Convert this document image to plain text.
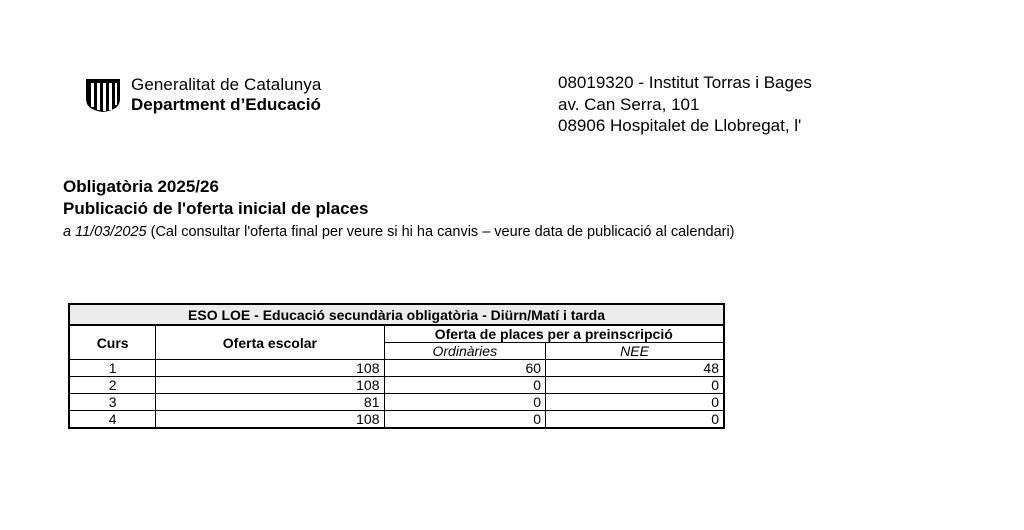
Generalitat de Catalunya
Department d’Educació
08019320 - Institut Torras i Bages
av. Can Serra, 101
08906 Hospitalet de Llobregat, l'
Obligatòria 2025/26
Publicació de l'oferta inicial de places
a 11/03/2025 (Cal consultar l'oferta final per veure si hi ha canvis – veure data de publicació al calendari)
ESO LOE - Educació secundària obligatòria - Diürn/Matí i tarda			
Curs	Oferta escolar	Oferta de places per a preinscripció	
		Ordinàries	NEE
1	108	60	48
2	108	0	0
3	81	0	0
4	108	0	0
